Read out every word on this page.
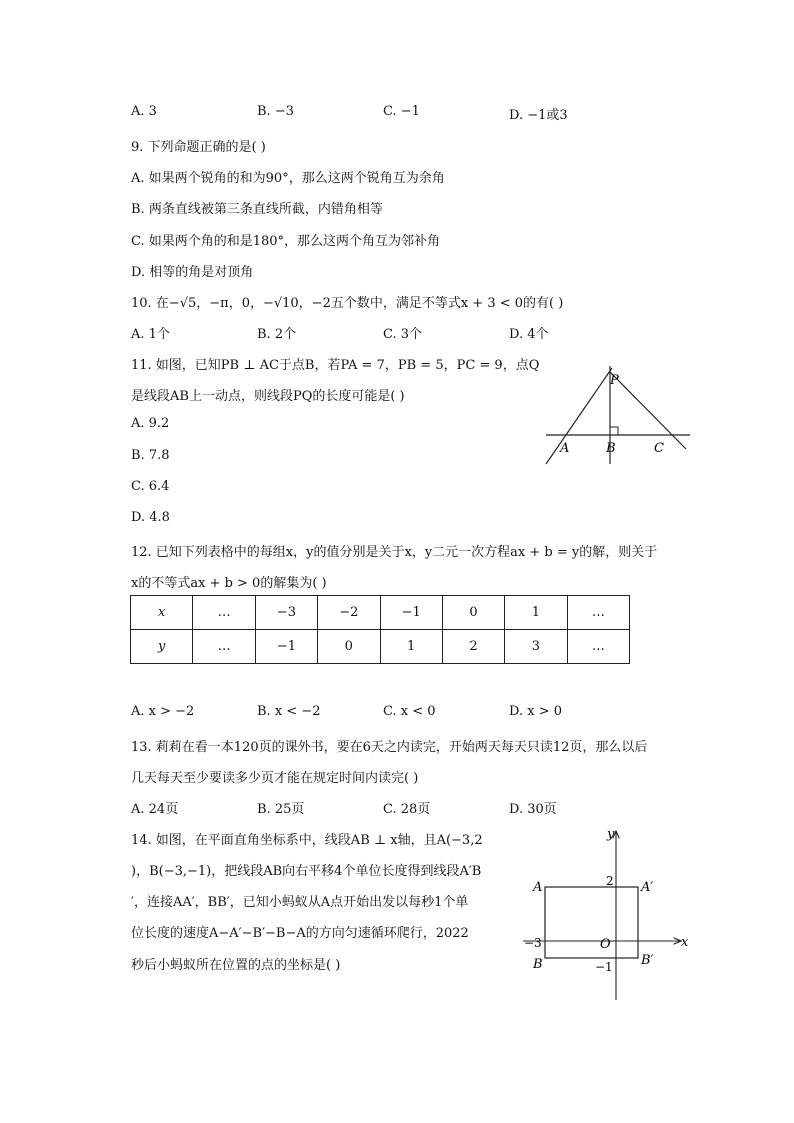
A. 3	B. −3	C. −1	D. −1或3
9. 下列命题正确的是( )
A. 如果两个锐角的和为90°，那么这两个锐角互为余角
B. 两条直线被第三条直线所截，内错角相等
C. 如果两个角的和是180°，那么这两个角互为邻补角
D. 相等的角是对顶角
10. 在−√5，−π，0，−√10，−2五个数中，满足不等式x + 3 < 0的有( )
A. 1个	B. 2个	C. 3个	D. 4个
11. 如图，已知PB ⊥ AC于点B，若PA = 7，PB = 5，PC = 9，点Q
是线段AB上一动点，则线段PQ的长度可能是( )
A. 9.2
B. 7.8
C. 6.4
D. 4.8
P
A	B	C
12. 已知下列表格中的每组x，y的值分别是关于x，y二元一次方程ax + b = y的解，则关于
x的不等式ax + b > 0的解集为( )
x	…	−3	−2	−1	0	1	…
y	…	−1	0	1	2	3	…
A. x > −2	B. x < −2	C. x < 0	D. x > 0
13. 莉莉在看一本120页的课外书，要在6天之内读完，开始两天每天只读12页，那么以后
几天每天至少要读多少页才能在规定时间内读完( )
A. 24页	B. 25页	C. 28页	D. 30页
14. 如图，在平面直角坐标系中，线段AB ⊥ x轴，且A(−3,2
)，B(−3,−1)，把线段AB向右平移4个单位长度得到线段A′B
′，连接AA′，BB′，已知小蚂蚁从A点开始出发以每秒1个单
位长度的速度A−A′−B′−B−A的方向匀速循环爬行，2022
秒后小蚂蚁所在位置的点的坐标是( )
y
x
A	A′
B	B′
O
2
−3
−1
